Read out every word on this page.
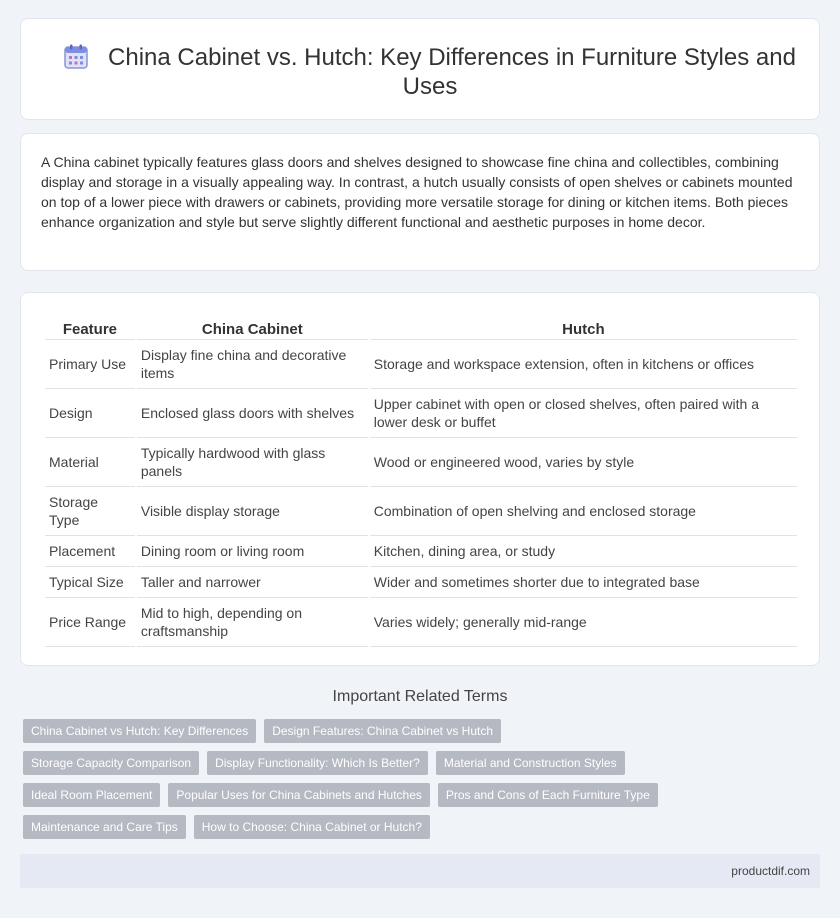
China Cabinet vs. Hutch: Key Differences in Furniture Styles and Uses

A China cabinet typically features glass doors and shelves designed to showcase fine china and collectibles, combining display and storage in a visually appealing way. In contrast, a hutch usually consists of open shelves or cabinets mounted on top of a lower piece with drawers or cabinets, providing more versatile storage for dining or kitchen items. Both pieces enhance organization and style but serve slightly different functional and aesthetic purposes in home decor.

Feature	China Cabinet	Hutch
Primary Use	Display fine china and decorative items	Storage and workspace extension, often in kitchens or offices
Design	Enclosed glass doors with shelves	Upper cabinet with open or closed shelves, often paired with a lower desk or buffet
Material	Typically hardwood with glass panels	Wood or engineered wood, varies by style
Storage Type	Visible display storage	Combination of open shelving and enclosed storage
Placement	Dining room or living room	Kitchen, dining area, or study
Typical Size	Taller and narrower	Wider and sometimes shorter due to integrated base
Price Range	Mid to high, depending on craftsmanship	Varies widely; generally mid-range
Important Related Terms
China Cabinet vs Hutch: Key Differences	Design Features: China Cabinet vs Hutch
Storage Capacity Comparison	Display Functionality: Which Is Better?	Material and Construction Styles
Ideal Room Placement	Popular Uses for China Cabinets and Hutches	Pros and Cons of Each Furniture Type
Maintenance and Care Tips	How to Choose: China Cabinet or Hutch?
productdif.com
